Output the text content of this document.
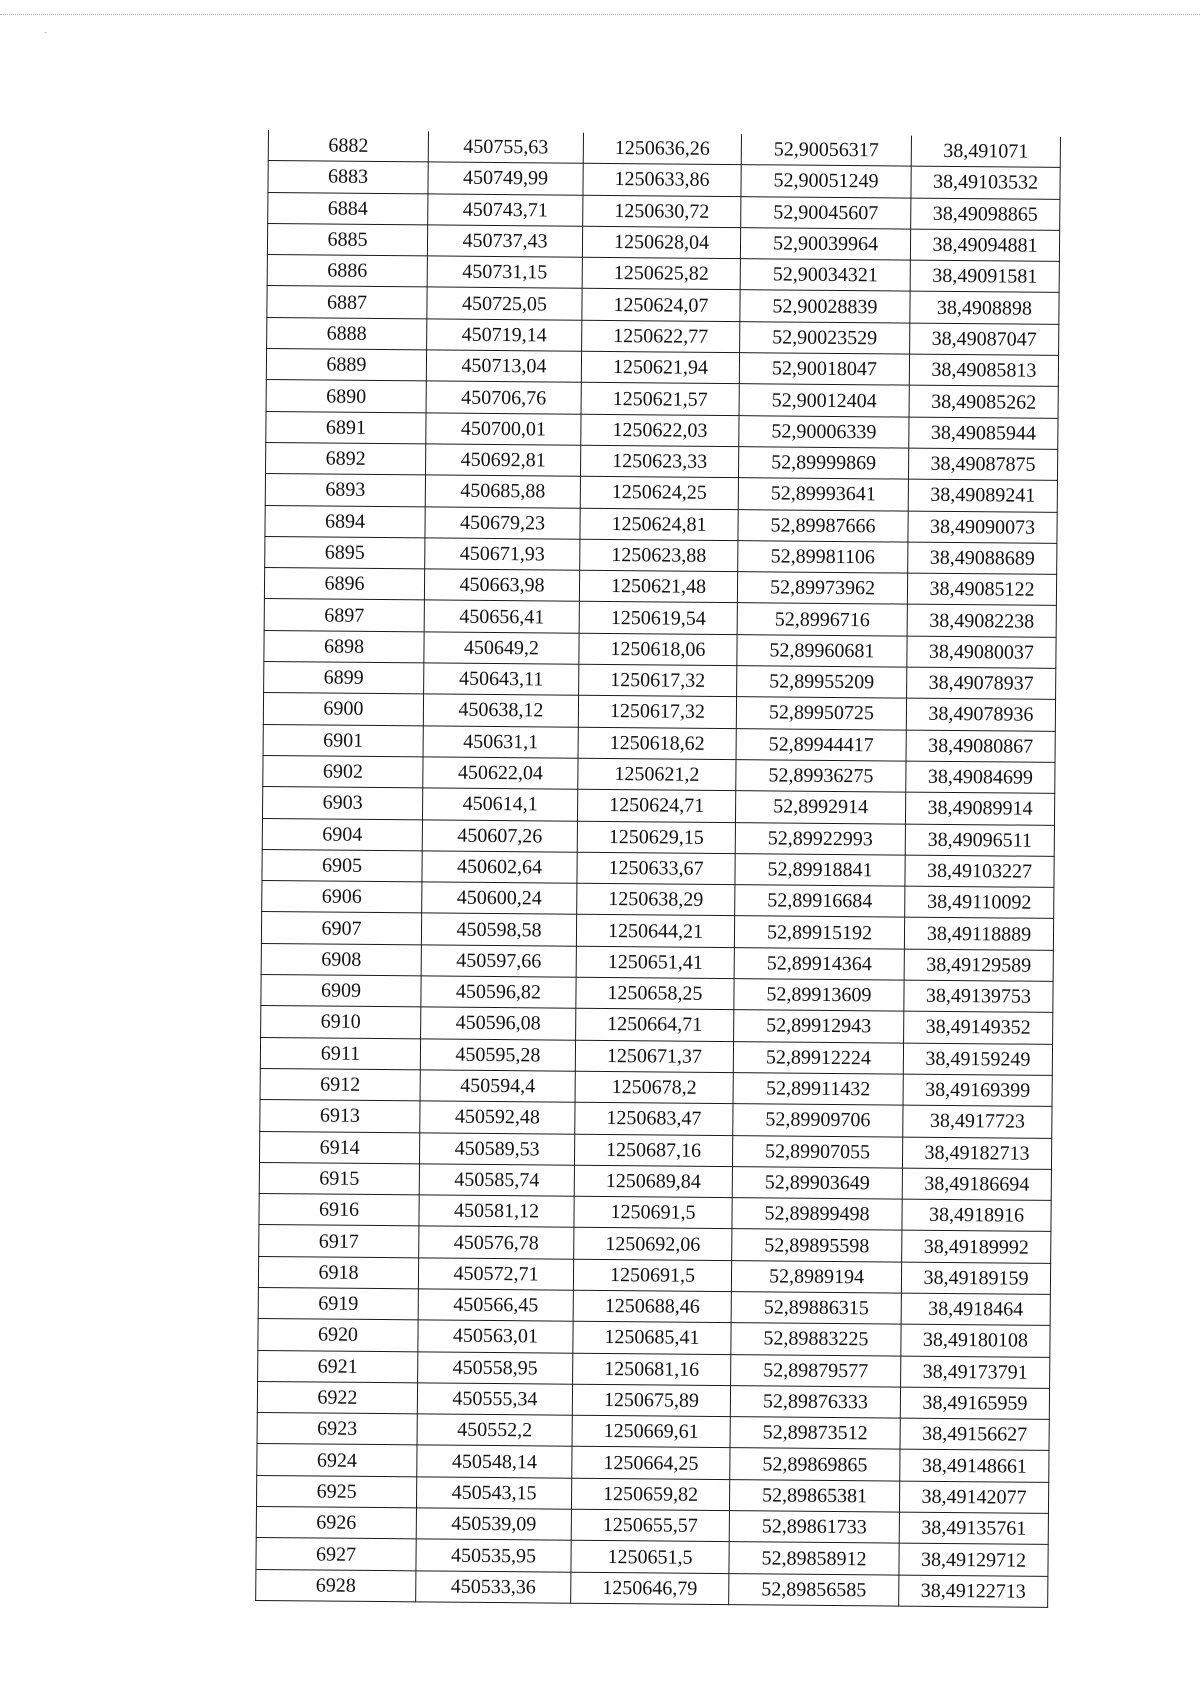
6882	450755,63	1250636,26	52,90056317	38,491071
6883	450749,99	1250633,86	52,90051249	38,49103532
6884	450743,71	1250630,72	52,90045607	38,49098865
6885	450737,43	1250628,04	52,90039964	38,49094881
6886	450731,15	1250625,82	52,90034321	38,49091581
6887	450725,05	1250624,07	52,90028839	38,4908898
6888	450719,14	1250622,77	52,90023529	38,49087047
6889	450713,04	1250621,94	52,90018047	38,49085813
6890	450706,76	1250621,57	52,90012404	38,49085262
6891	450700,01	1250622,03	52,90006339	38,49085944
6892	450692,81	1250623,33	52,89999869	38,49087875
6893	450685,88	1250624,25	52,89993641	38,49089241
6894	450679,23	1250624,81	52,89987666	38,49090073
6895	450671,93	1250623,88	52,89981106	38,49088689
6896	450663,98	1250621,48	52,89973962	38,49085122
6897	450656,41	1250619,54	52,8996716	38,49082238
6898	450649,2	1250618,06	52,89960681	38,49080037
6899	450643,11	1250617,32	52,89955209	38,49078937
6900	450638,12	1250617,32	52,89950725	38,49078936
6901	450631,1	1250618,62	52,89944417	38,49080867
6902	450622,04	1250621,2	52,89936275	38,49084699
6903	450614,1	1250624,71	52,8992914	38,49089914
6904	450607,26	1250629,15	52,89922993	38,49096511
6905	450602,64	1250633,67	52,89918841	38,49103227
6906	450600,24	1250638,29	52,89916684	38,49110092
6907	450598,58	1250644,21	52,89915192	38,49118889
6908	450597,66	1250651,41	52,89914364	38,49129589
6909	450596,82	1250658,25	52,89913609	38,49139753
6910	450596,08	1250664,71	52,89912943	38,49149352
6911	450595,28	1250671,37	52,89912224	38,49159249
6912	450594,4	1250678,2	52,89911432	38,49169399
6913	450592,48	1250683,47	52,89909706	38,4917723
6914	450589,53	1250687,16	52,89907055	38,49182713
6915	450585,74	1250689,84	52,89903649	38,49186694
6916	450581,12	1250691,5	52,89899498	38,4918916
6917	450576,78	1250692,06	52,89895598	38,49189992
6918	450572,71	1250691,5	52,8989194	38,49189159
6919	450566,45	1250688,46	52,89886315	38,4918464
6920	450563,01	1250685,41	52,89883225	38,49180108
6921	450558,95	1250681,16	52,89879577	38,49173791
6922	450555,34	1250675,89	52,89876333	38,49165959
6923	450552,2	1250669,61	52,89873512	38,49156627
6924	450548,14	1250664,25	52,89869865	38,49148661
6925	450543,15	1250659,82	52,89865381	38,49142077
6926	450539,09	1250655,57	52,89861733	38,49135761
6927	450535,95	1250651,5	52,89858912	38,49129712
6928	450533,36	1250646,79	52,89856585	38,49122713
